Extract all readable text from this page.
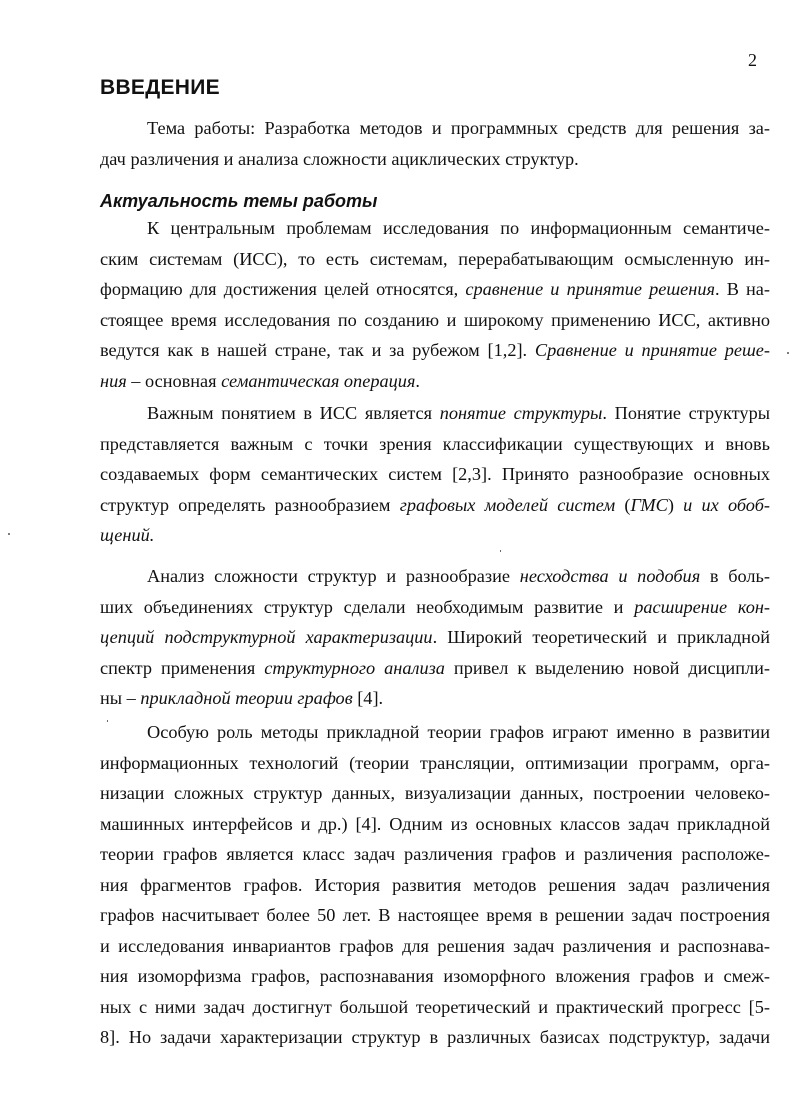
2
ВВЕДЕНИЕ
Тема работы: Разработка методов и программных средств для решения за-
дач различения и анализа сложности ациклических структур.
Актуальность темы работы
К центральным проблемам исследования по информационным семантиче-
ским системам (ИСС), то есть системам, перерабатывающим осмысленную ин-
формацию для достижения целей относятся, сравнение и принятие решения. В на-
стоящее время исследования по созданию и широкому применению ИСС, активно
ведутся как в нашей стране, так и за рубежом [1,2]. Сравнение и принятие реше-
ния – основная семантическая операция.
Важным понятием в ИСС является понятие структуры. Понятие структуры
представляется важным с точки зрения классификации существующих и вновь
создаваемых форм семантических систем [2,3]. Принято разнообразие основных
структур определять разнообразием графовых моделей систем (ГМС) и их обоб-
щений.
Анализ сложности структур и разнообразие несходства и подобия в боль-
ших объединениях структур сделали необходимым развитие и расширение кон-
цепций подструктурной характеризации. Широкий теоретический и прикладной
спектр применения структурного анализа привел к выделению новой дисципли-
ны – прикладной теории графов [4].
Особую роль методы прикладной теории графов играют именно в развитии
информационных технологий (теории трансляции, оптимизации программ, орга-
низации сложных структур данных, визуализации данных, построении человеко-
машинных интерфейсов и др.) [4]. Одним из основных классов задач прикладной
теории графов является класс задач различения графов и различения расположе-
ния фрагментов графов. История развития методов решения задач различения
графов насчитывает более 50 лет. В настоящее время в решении задач построения
и исследования инвариантов графов для решения задач различения и распознава-
ния изоморфизма графов, распознавания изоморфного вложения графов и смеж-
ных с ними задач достигнут большой теоретический и практический прогресс [5-
8]. Но задачи характеризации структур в различных базисах подструктур, задачи
